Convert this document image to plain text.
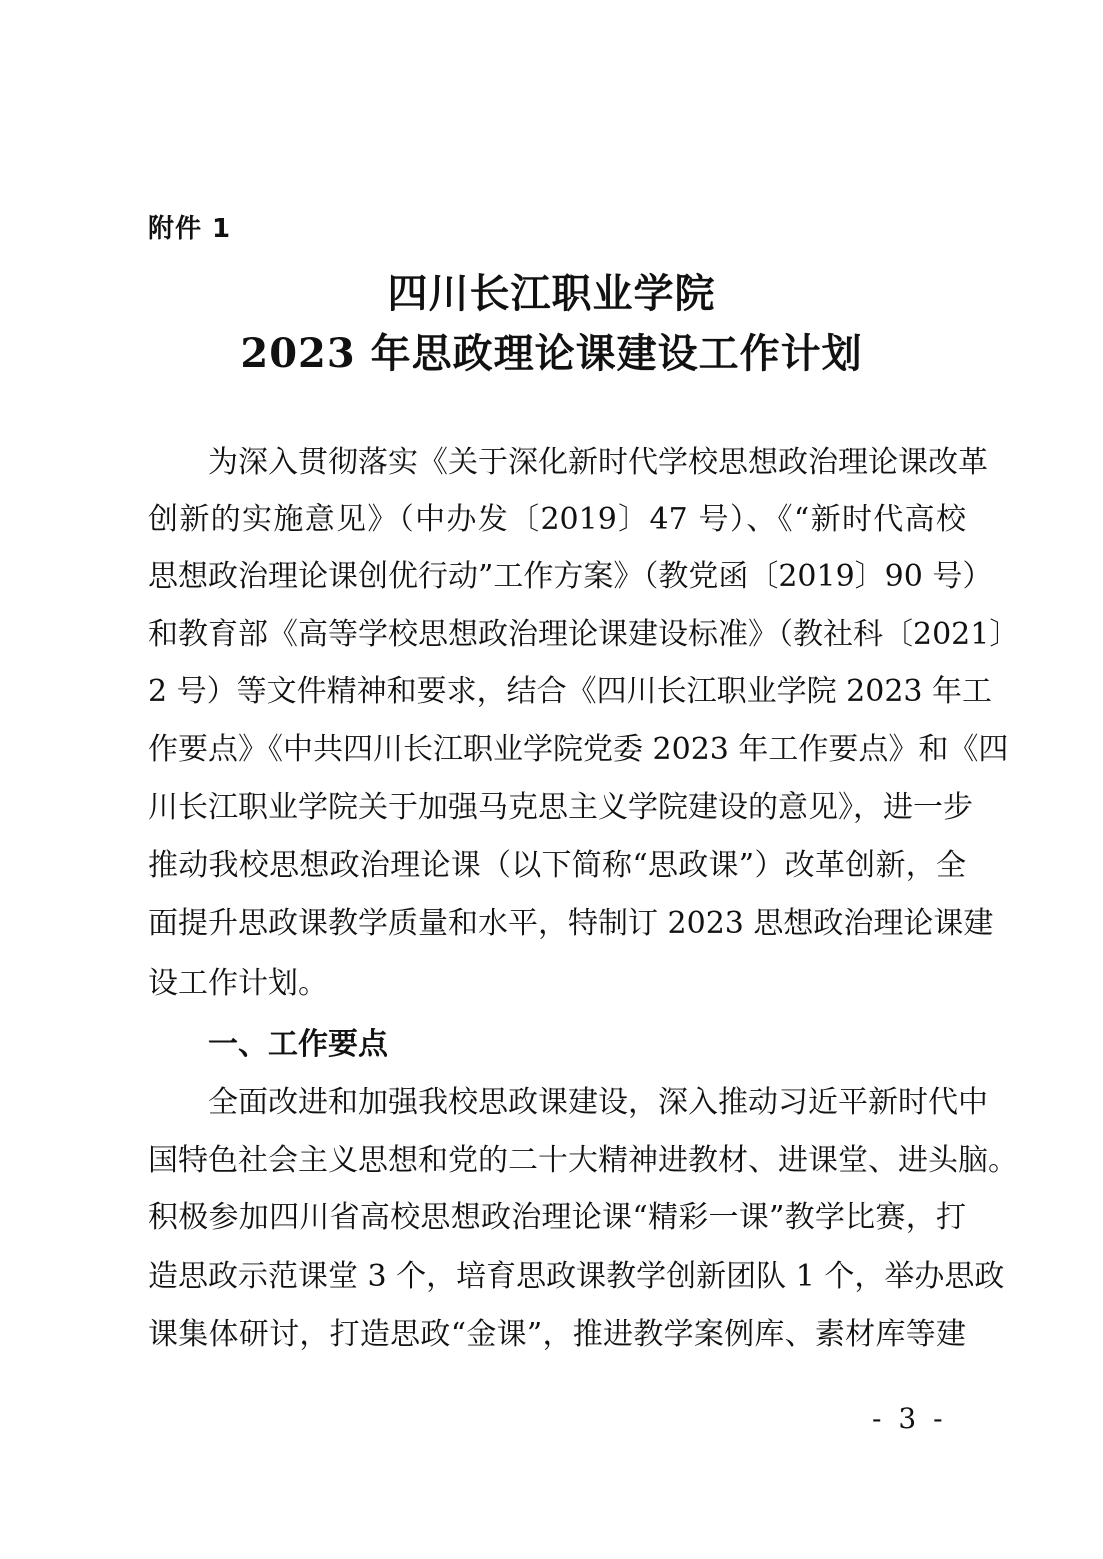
附件 1
四川长江职业学院
2023 年思政理论课建设工作计划
为深入贯彻落实《关于深化新时代学校思想政治理论课改革
创新的实施意见》（中办发〔2019〕47 号）、《“新时代高校
思想政治理论课创优行动”工作方案》（教党函〔2019〕90 号）
和教育部《高等学校思想政治理论课建设标准》（教社科〔2021〕
2 号）等文件精神和要求，结合《四川长江职业学院 2023 年工
作要点》《中共四川长江职业学院党委 2023 年工作要点》和《四
川长江职业学院关于加强马克思主义学院建设的意见》，进一步
推动我校思想政治理论课（以下简称“思政课”）改革创新，全
面提升思政课教学质量和水平，特制订 2023 思想政治理论课建
设工作计划。
一、工作要点
全面改进和加强我校思政课建设，深入推动习近平新时代中
国特色社会主义思想和党的二十大精神进教材、进课堂、进头脑。
积极参加四川省高校思想政治理论课“精彩一课”教学比赛，打
造思政示范课堂 3 个，培育思政课教学创新团队 1 个，举办思政
课集体研讨，打造思政“金课”，推进教学案例库、素材库等建
- 3 -
